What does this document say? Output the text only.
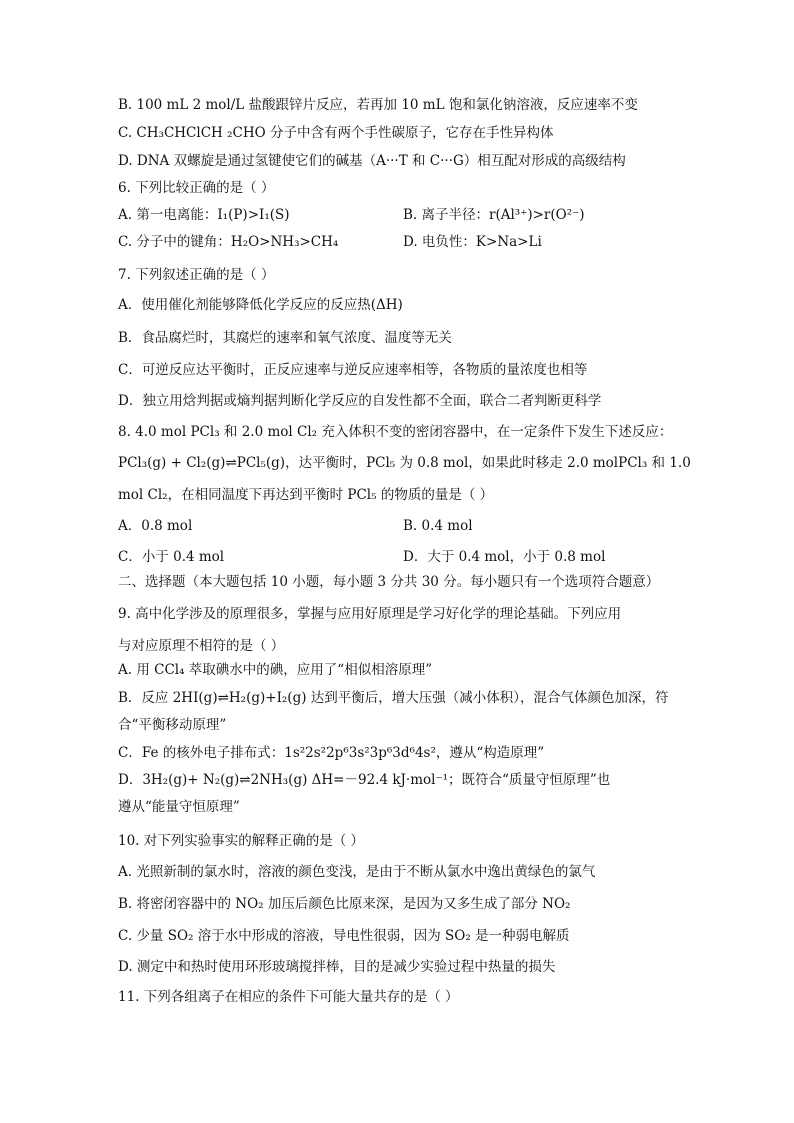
B. 100 mL 2 mol/L 盐酸跟锌片反应，若再加 10 mL 饱和氯化钠溶液，反应速率不变
C. CH₃CHClCH ₂CHO 分子中含有两个手性碳原子，它存在手性异构体
D. DNA 双螺旋是通过氢键使它们的碱基（A···T 和 C···G）相互配对形成的高级结构
6. 下列比较正确的是（ ）
A. 第一电离能：I₁(P)>I₁(S)	B. 离子半径：r(Al³⁺)>r(O²⁻)
C. 分子中的键角：H₂O>NH₃>CH₄	D. 电负性：K>Na>Li
7. 下列叙述正确的是（ ）
A．使用催化剂能够降低化学反应的反应热(ΔH)
B．食品腐烂时，其腐烂的速率和氧气浓度、温度等无关
C．可逆反应达平衡时，正反应速率与逆反应速率相等，各物质的量浓度也相等
D．独立用焓判据或熵判据判断化学反应的自发性都不全面，联合二者判断更科学
8. 4.0 mol PCl₃ 和 2.0 mol Cl₂ 充入体积不变的密闭容器中，在一定条件下发生下述反应：
PCl₃(g) + Cl₂(g)⇌PCl₅(g)，达平衡时，PCl₅ 为 0.8 mol，如果此时移走 2.0 molPCl₃ 和 1.0
mol Cl₂，在相同温度下再达到平衡时 PCl₅ 的物质的量是（ ）
A．0.8 mol	B. 0.4 mol
C．小于 0.4 mol	D．大于 0.4 mol，小于 0.8 mol
二、选择题（本大题包括 10 小题，每小题 3 分共 30 分。每小题只有一个选项符合题意）
9. 高中化学涉及的原理很多，掌握与应用好原理是学习好化学的理论基础。下列应用
与对应原理不相符的是（ ）
A. 用 CCl₄ 萃取碘水中的碘，应用了“相似相溶原理”
B．反应 2HI(g)⇌H₂(g)+I₂(g) 达到平衡后，增大压强（减小体积），混合气体颜色加深，符
合“平衡移动原理”
C．Fe 的核外电子排布式：1s²2s²2p⁶3s²3p⁶3d⁶4s²，遵从“构造原理”
D．3H₂(g)+ N₂(g)⇌2NH₃(g) ΔH=－92.4 kJ·mol⁻¹；既符合“质量守恒原理”也
遵从“能量守恒原理”
10. 对下列实验事实的解释正确的是（ ）
A. 光照新制的氯水时，溶液的颜色变浅，是由于不断从氯水中逸出黄绿色的氯气
B. 将密闭容器中的 NO₂ 加压后颜色比原来深，是因为又多生成了部分 NO₂
C. 少量 SO₂ 溶于水中形成的溶液，导电性很弱，因为 SO₂ 是一种弱电解质
D. 测定中和热时使用环形玻璃搅拌棒，目的是减少实验过程中热量的损失
11. 下列各组离子在相应的条件下可能大量共存的是（ ）
